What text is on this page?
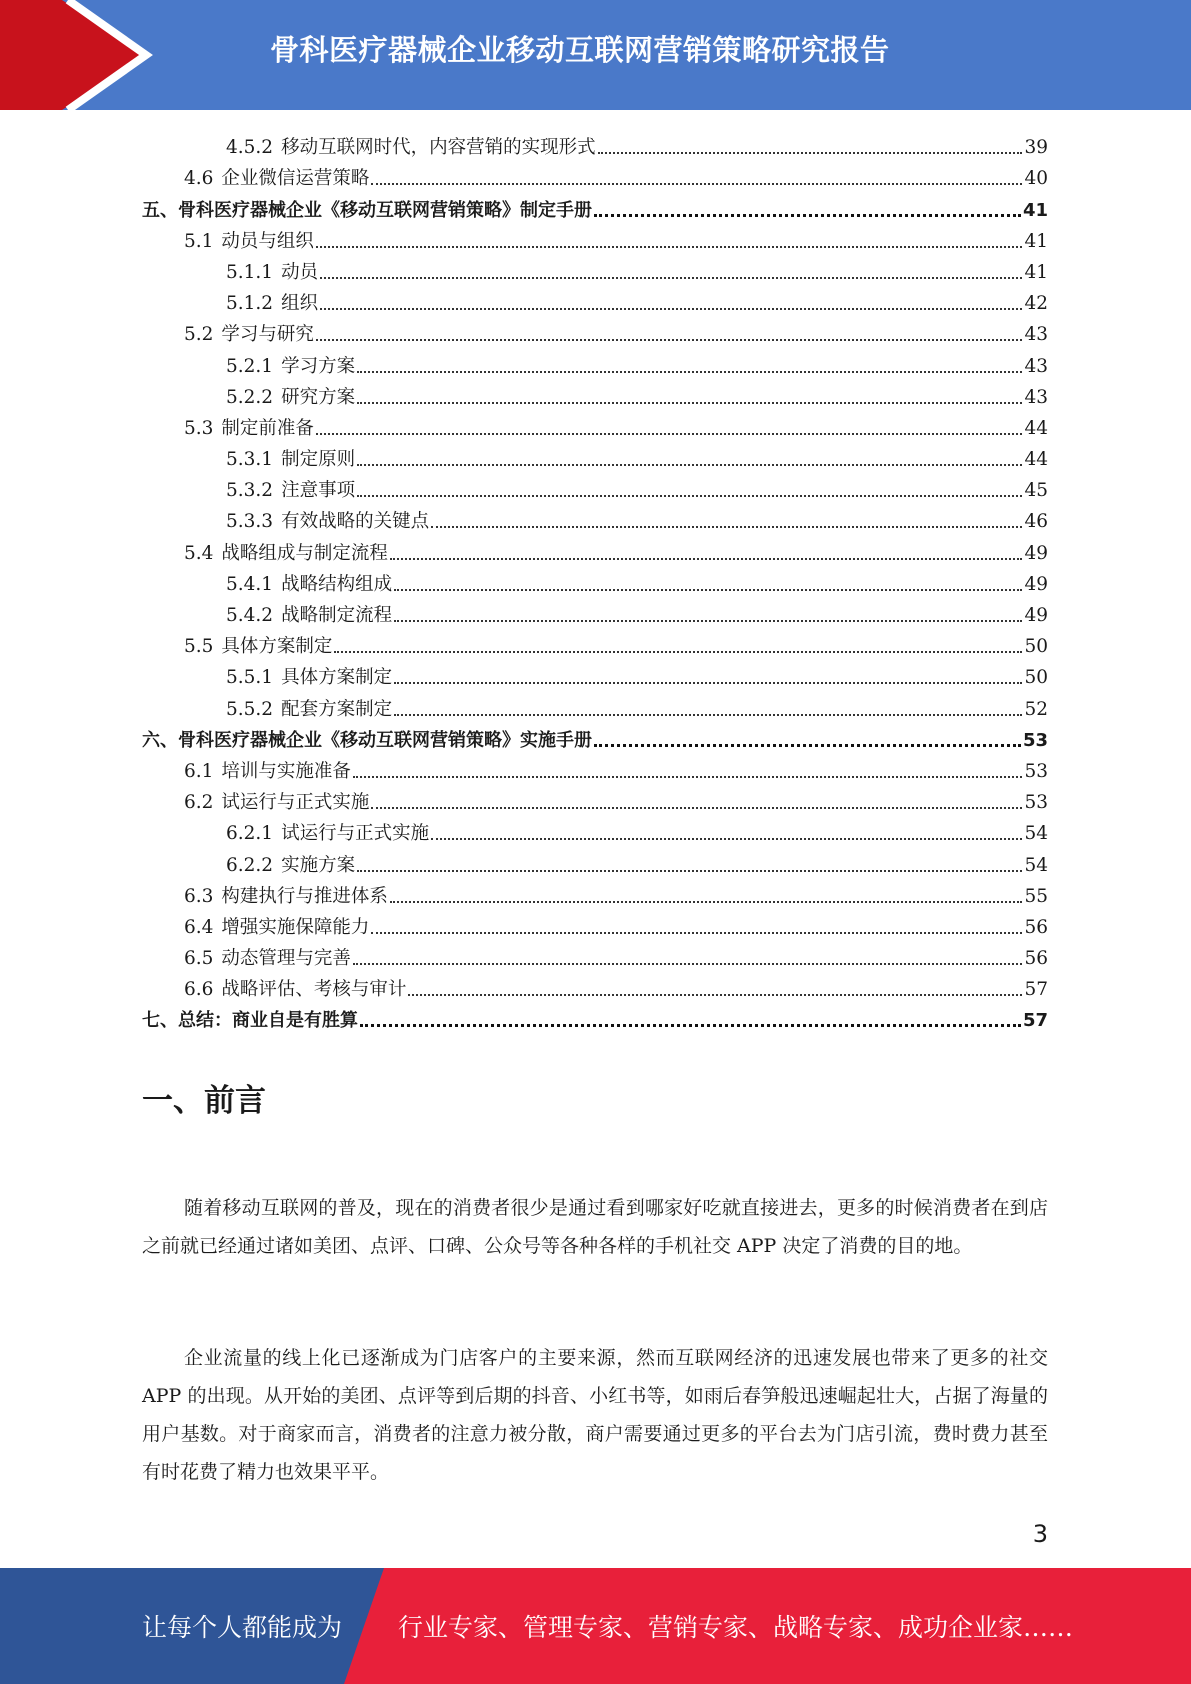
骨科医疗器械企业移动互联网营销策略研究报告
4.5.2 移动互联网时代，内容营销的实现形式	39
4.6 企业微信运营策略	40
五、骨科医疗器械企业《移动互联网营销策略》制定手册	41
5.1 动员与组织	41
5.1.1 动员	41
5.1.2 组织	42
5.2 学习与研究	43
5.2.1 学习方案	43
5.2.2 研究方案	43
5.3 制定前准备	44
5.3.1 制定原则	44
5.3.2 注意事项	45
5.3.3 有效战略的关键点	46
5.4 战略组成与制定流程	49
5.4.1 战略结构组成	49
5.4.2 战略制定流程	49
5.5 具体方案制定	50
5.5.1 具体方案制定	50
5.5.2 配套方案制定	52
六、骨科医疗器械企业《移动互联网营销策略》实施手册	53
6.1 培训与实施准备	53
6.2 试运行与正式实施	53
6.2.1 试运行与正式实施	54
6.2.2 实施方案	54
6.3 构建执行与推进体系	55
6.4 增强实施保障能力	56
6.5 动态管理与完善	56
6.6 战略评估、考核与审计	57
七、总结：商业自是有胜算	57
一、前言

随着移动互联网的普及，现在的消费者很少是通过看到哪家好吃就直接进去，更多的时候消费者在到店之前就已经通过诸如美团、点评、口碑、公众号等各种各样的手机社交 APP 决定了消费的目的地。

企业流量的线上化已逐渐成为门店客户的主要来源，然而互联网经济的迅速发展也带来了更多的社交 APP 的出现。从开始的美团、点评等到后期的抖音、小红书等，如雨后春笋般迅速崛起壮大，占据了海量的用户基数。对于商家而言，消费者的注意力被分散，商户需要通过更多的平台去为门店引流，费时费力甚至有时花费了精力也效果平平。

3
让每个人都能成为 行业专家、管理专家、营销专家、战略专家、成功企业家……
